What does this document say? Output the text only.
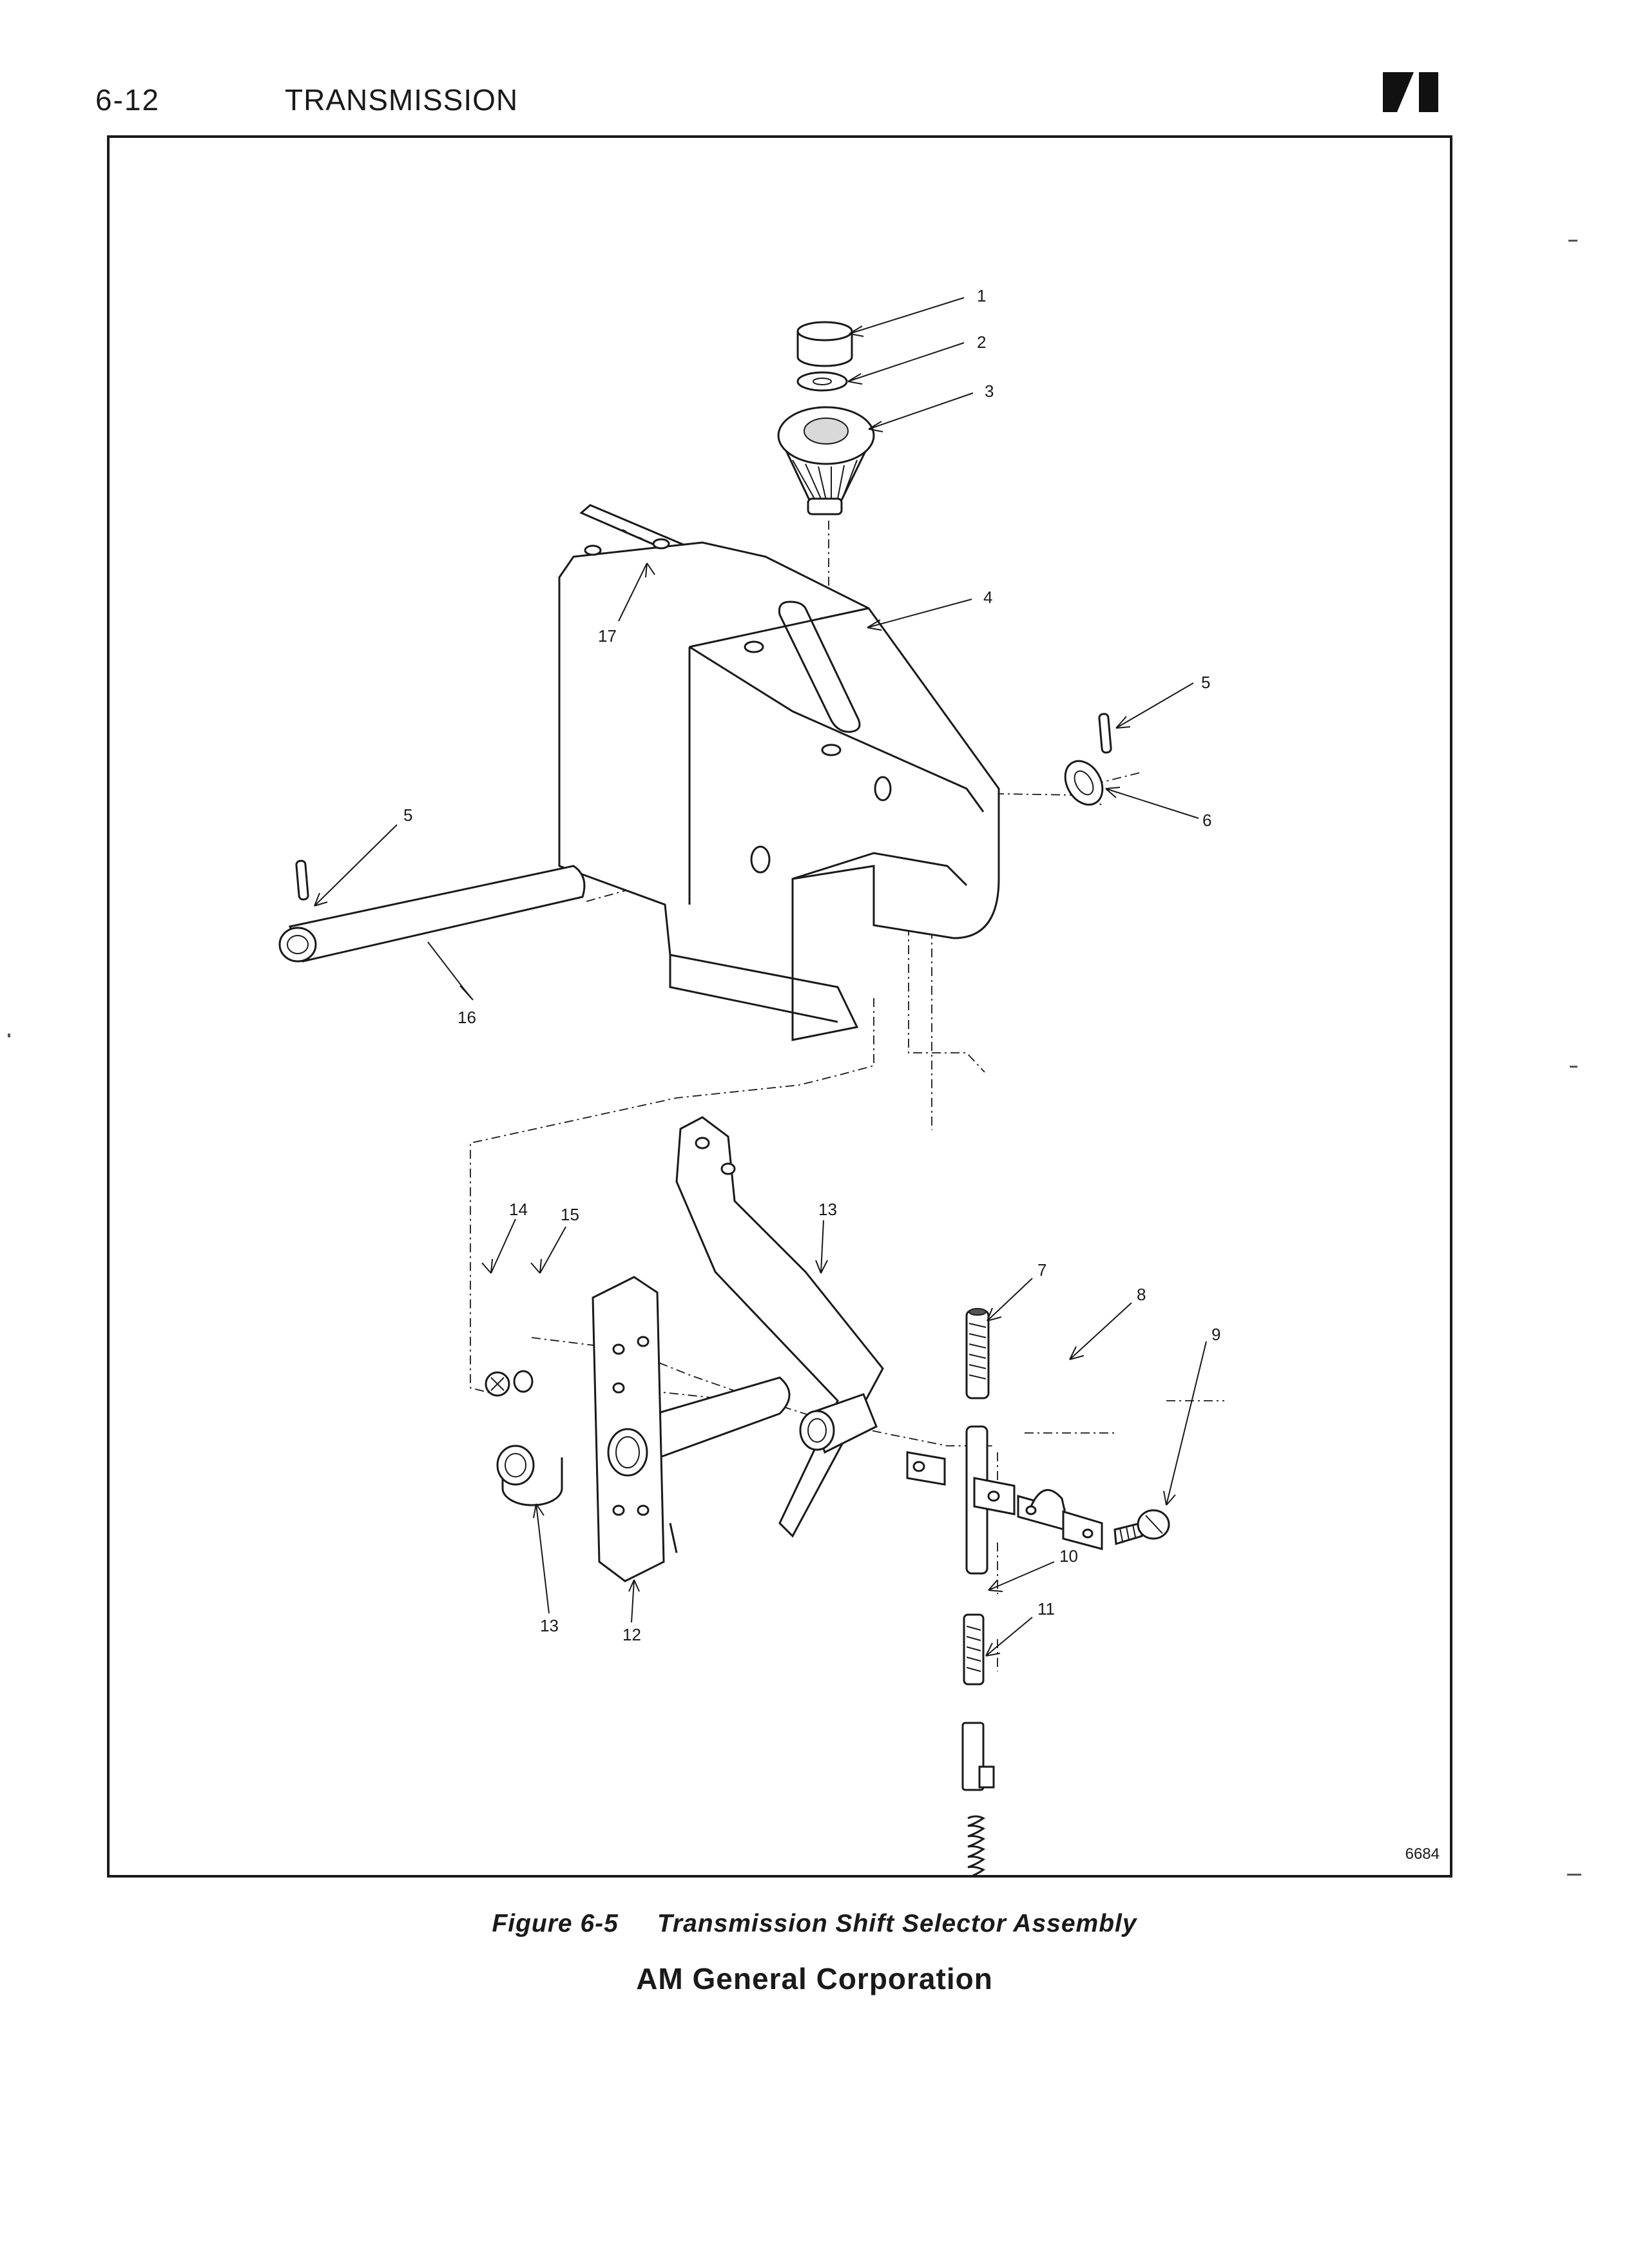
6-12	TRANSMISSION
1
2
3
4
5
5	6
7
8
9
10
11
12
13
13
14 15
16
17
6684
Figure 6-5 Transmission Shift Selector Assembly
AM General Corporation
